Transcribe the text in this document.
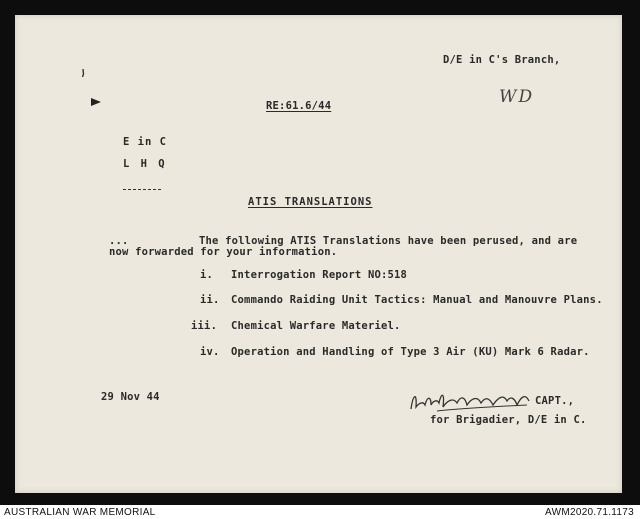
D/E in C's Branch,
WD
RE:61.6/44
E in C
L H Q
ATIS TRANSLATIONS
...	The following ATIS Translations have been perused, and are
now forwarded for your information.
i. Interrogation Report NO:518
ii. Commando Raiding Unit Tactics: Manual and Manouvre Plans.
iii. Chemical Warfare Materiel.
iv. Operation and Handling of Type 3 Air (KU) Mark 6 Radar.
29 Nov 44	CAPT.,
for Brigadier, D/E in C.
AUSTRALIAN WAR MEMORIAL	AWM2020.71.1173
